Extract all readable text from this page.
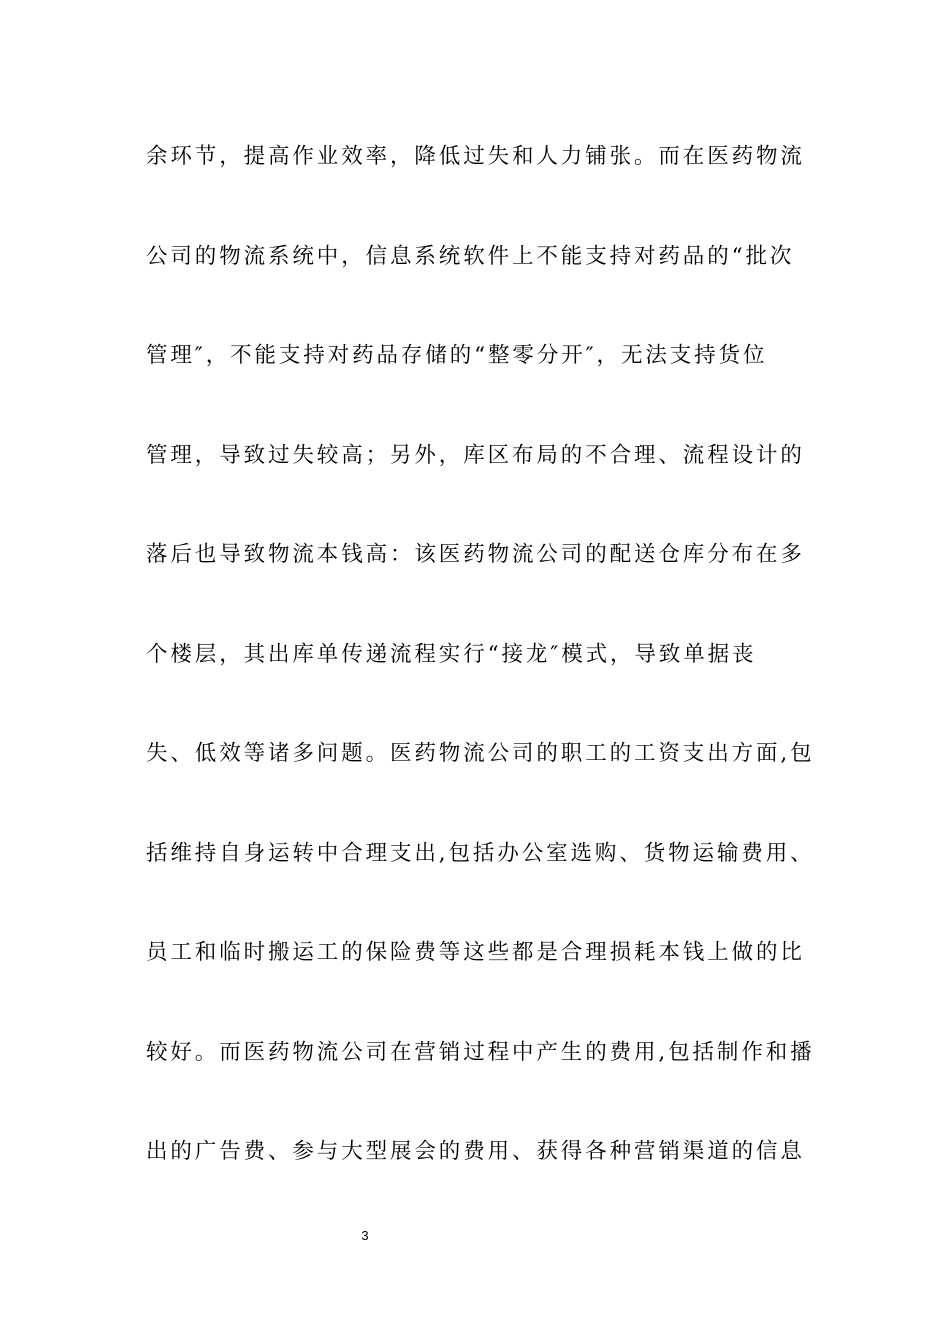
余环节，提高作业效率，降低过失和人力铺张。而在医药物流
公司的物流系统中，信息系统软件上不能支持对药品的“批次
管理″，不能支持对药品存储的“整零分开″，无法支持货位
管理，导致过失较高；另外，库区布局的不合理、流程设计的
落后也导致物流本钱高：该医药物流公司的配送仓库分布在多
个楼层，其出库单传递流程实行“接龙″模式，导致单据丧
失、低效等诸多问题。医药物流公司的职工的工资支出方面,包
括维持自身运转中合理支出,包括办公室选购、货物运输费用、
员工和临时搬运工的保险费等这些都是合理损耗本钱上做的比
较好。而医药物流公司在营销过程中产生的费用,包括制作和播
出的广告费、参与大型展会的费用、获得各种营销渠道的信息
3
